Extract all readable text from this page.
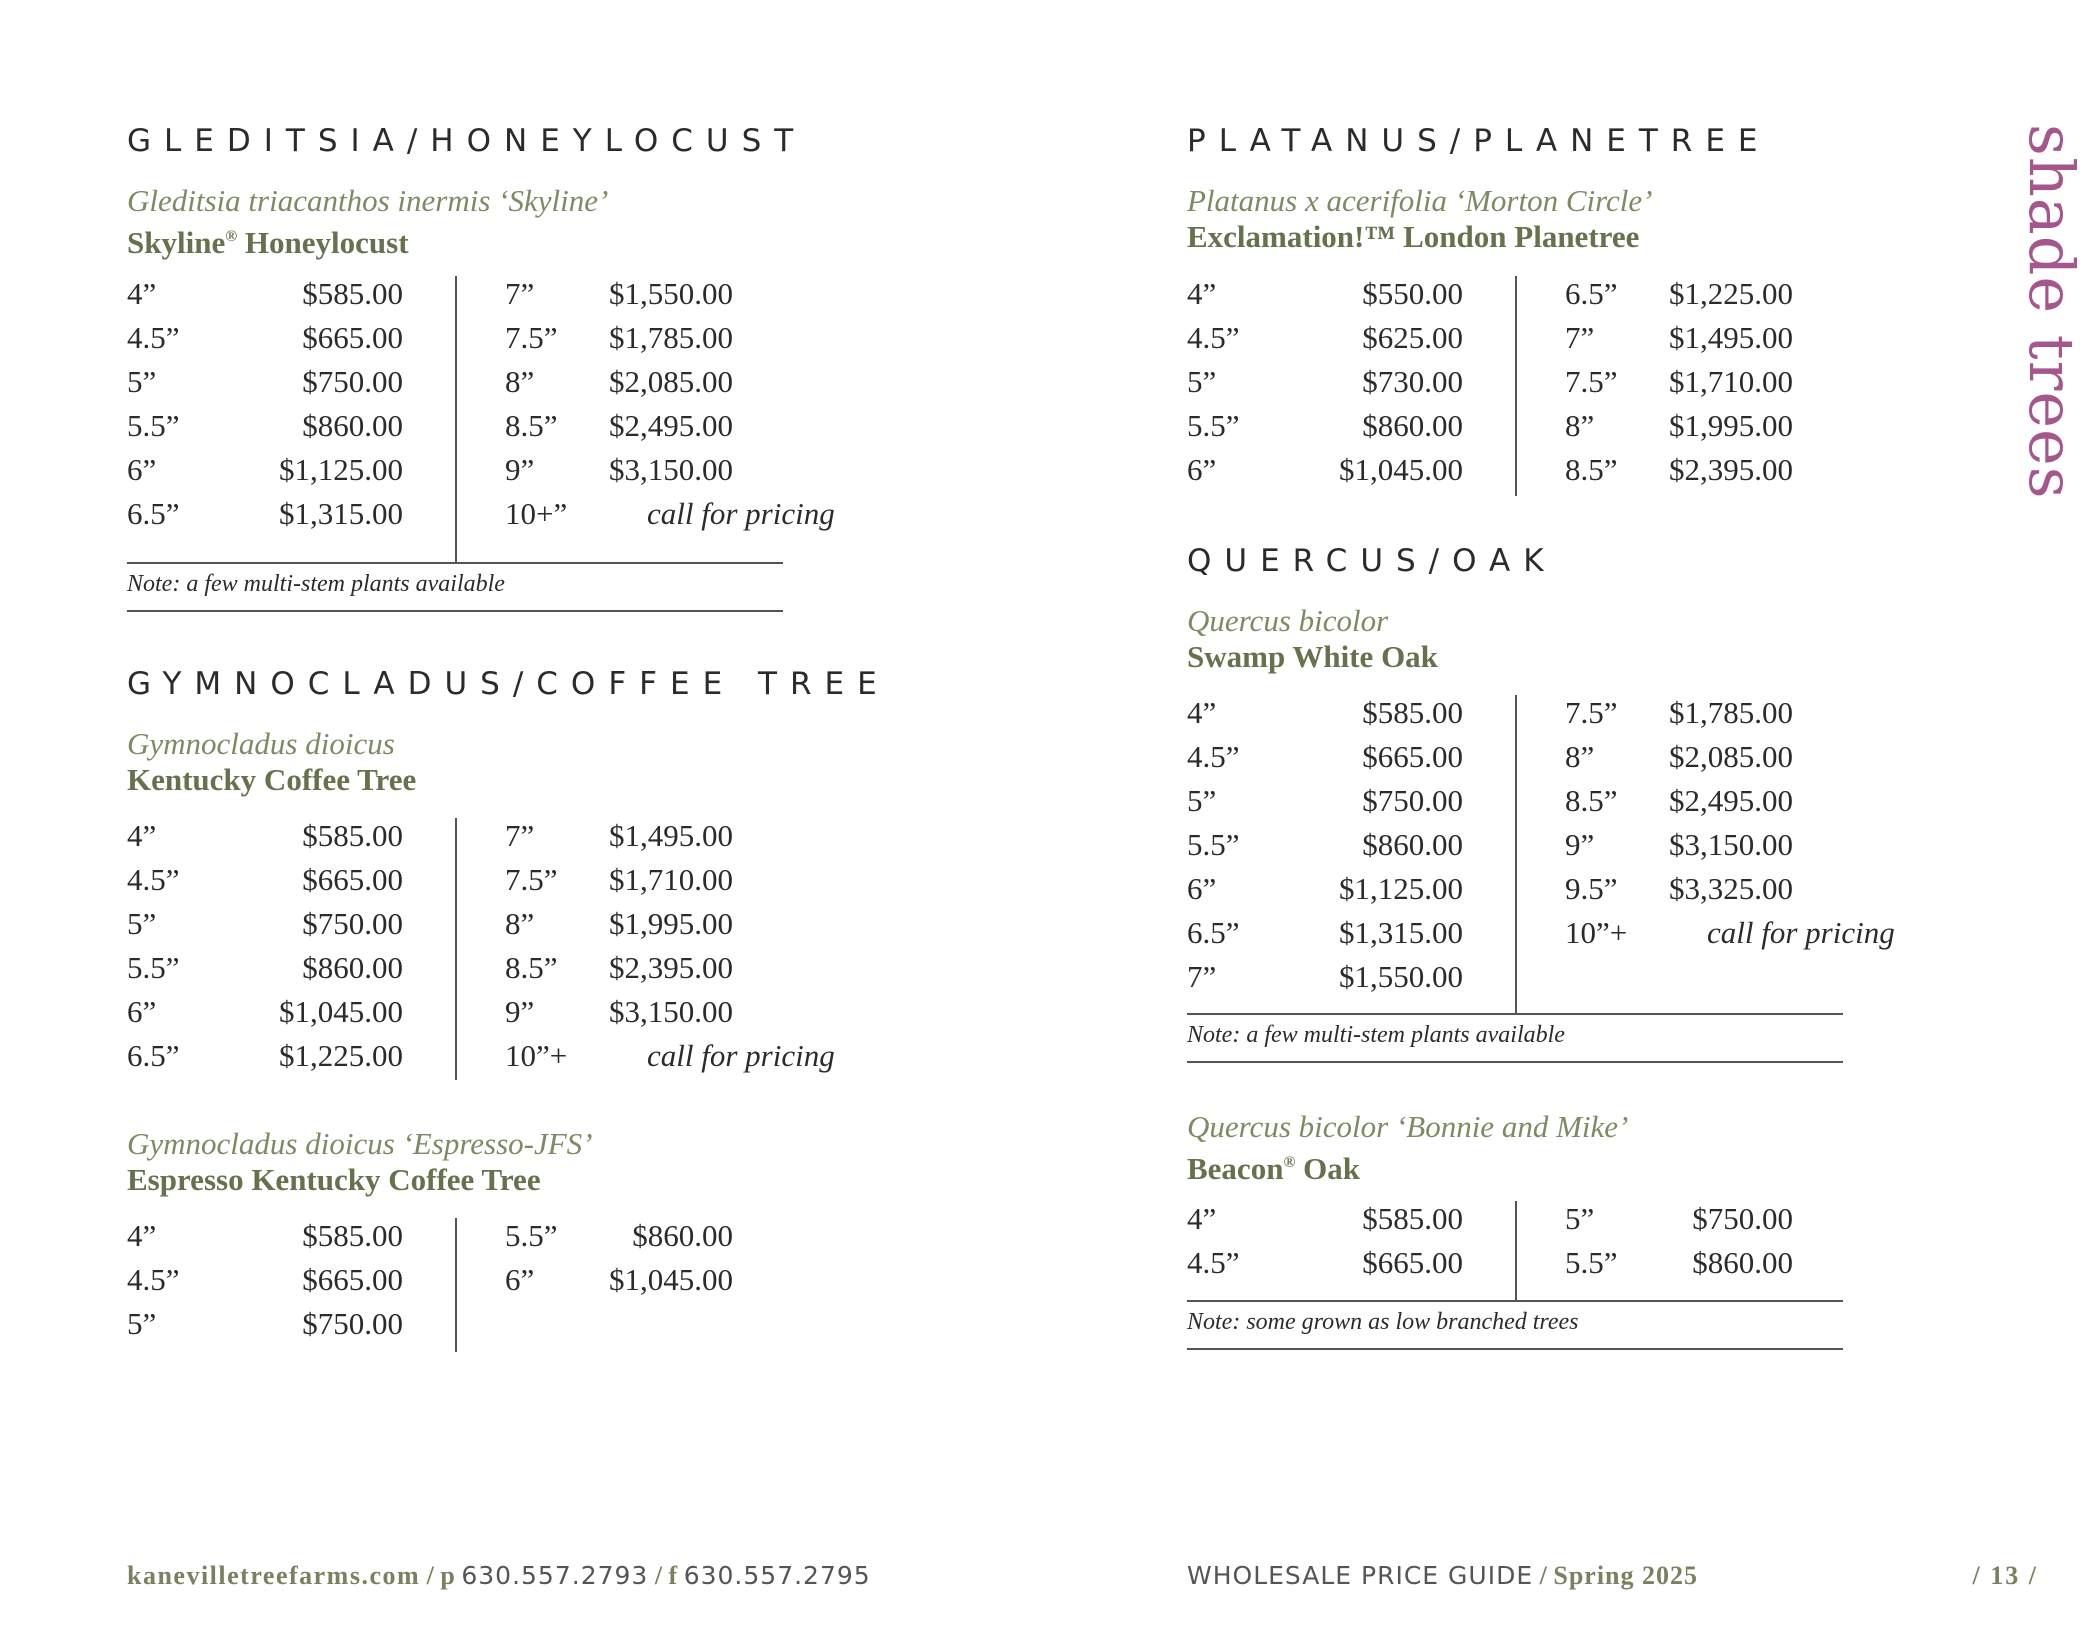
GLEDITSIA/HONEYLOCUST

Gleditsia triacanthos inermis ‘Skyline’

Skyline® Honeylocust

4”	$585.00
4.5”	$665.00
5”	$750.00
5.5”	$860.00
6”	$1,125.00
6.5”	$1,315.00
7” $1,550.00
7.5” $1,785.00
8” $2,085.00
8.5” $2,495.00
9” $3,150.00
10+”	call for pricing
Note: a few multi-stem plants available
GYMNOCLADUS/COFFEE TREE

Gymnocladus dioicus

Kentucky Coffee Tree

4”	$585.00
4.5”	$665.00
5”	$750.00
5.5”	$860.00
6”	$1,045.00
6.5”	$1,225.00
7” $1,495.00
7.5” $1,710.00
8” $1,995.00
8.5” $2,395.00
9” $3,150.00
10”+	call for pricing

Gymnocladus dioicus ‘Espresso-JFS’

Espresso Kentucky Coffee Tree

4”	$585.00
4.5”	$665.00
5”	$750.00
5.5” $860.00
6” $1,045.00
PLATANUS/PLANETREE

Platanus x acerifolia ‘Morton Circle’

Exclamation!™ London Planetree

4”	$550.00
4.5”	$625.00
5”	$730.00
5.5”	$860.00
6”	$1,045.00
6.5” $1,225.00
7” $1,495.00
7.5” $1,710.00
8” $1,995.00
8.5” $2,395.00
QUERCUS/OAK

Quercus bicolor

Swamp White Oak

4”	$585.00
4.5”	$665.00
5”	$750.00
5.5”	$860.00
6”	$1,125.00
6.5”	$1,315.00
7”	$1,550.00
7.5” $1,785.00
8” $2,085.00
8.5” $2,495.00
9” $3,150.00
9.5” $3,325.00
10”+	call for pricing
Note: a few multi-stem plants available

Quercus bicolor ‘Bonnie and Mike’

Beacon® Oak

4”	$585.00
4.5”	$665.00
5”	$750.00
5.5” $860.00
Note: some grown as low branched trees
shade trees
kanevilletreefarms.com / p 630.557.2793 / f 630.557.2795	WHOLESALE PRICE GUIDE / Spring 2025	/ 13 /
